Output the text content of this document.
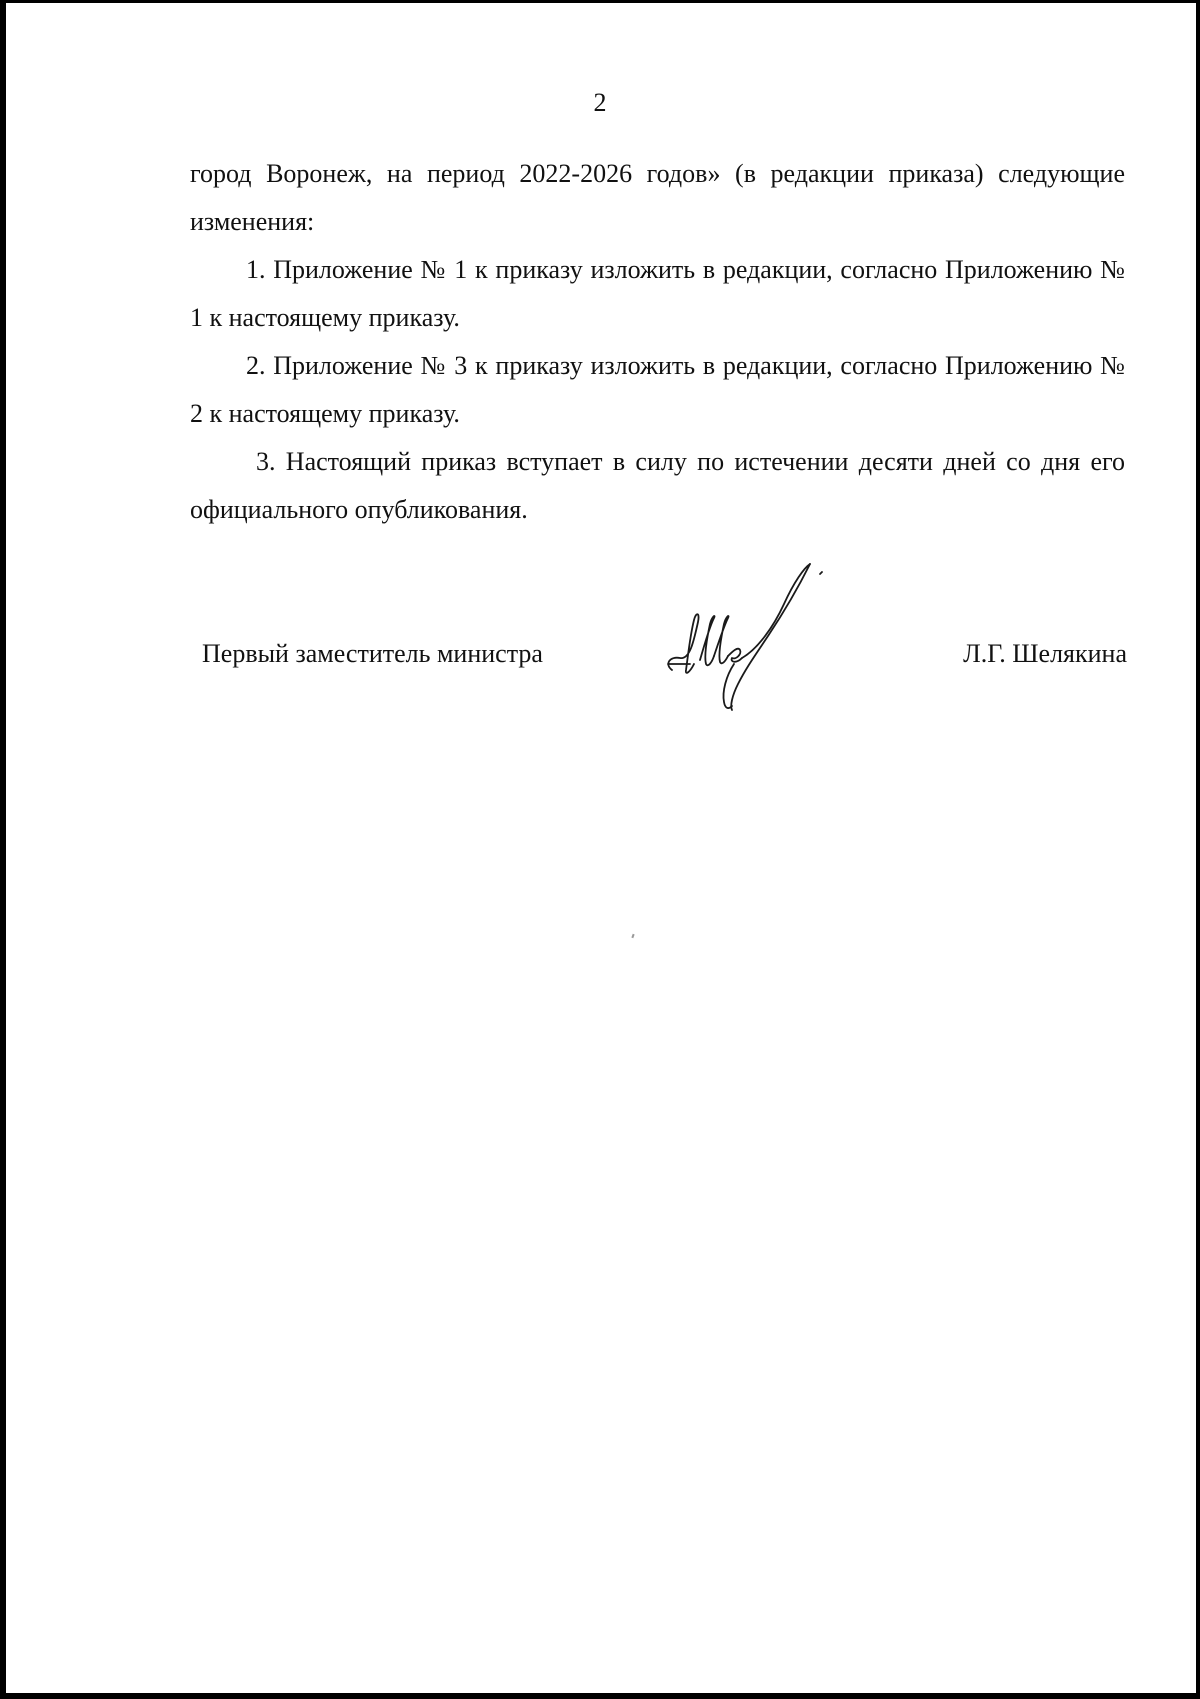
2

город Воронеж, на период 2022-2026 годов» (в редакции приказа) следующие изменения:

1. Приложение № 1 к приказу изложить в редакции, согласно Приложению № 1 к настоящему приказу.

2. Приложение № 3 к приказу изложить в редакции, согласно Приложению № 2 к настоящему приказу.

3. Настоящий приказ вступает в силу по истечении десяти дней со дня его официального опубликования.

Первый заместитель министра	Л.Г. Шелякина
